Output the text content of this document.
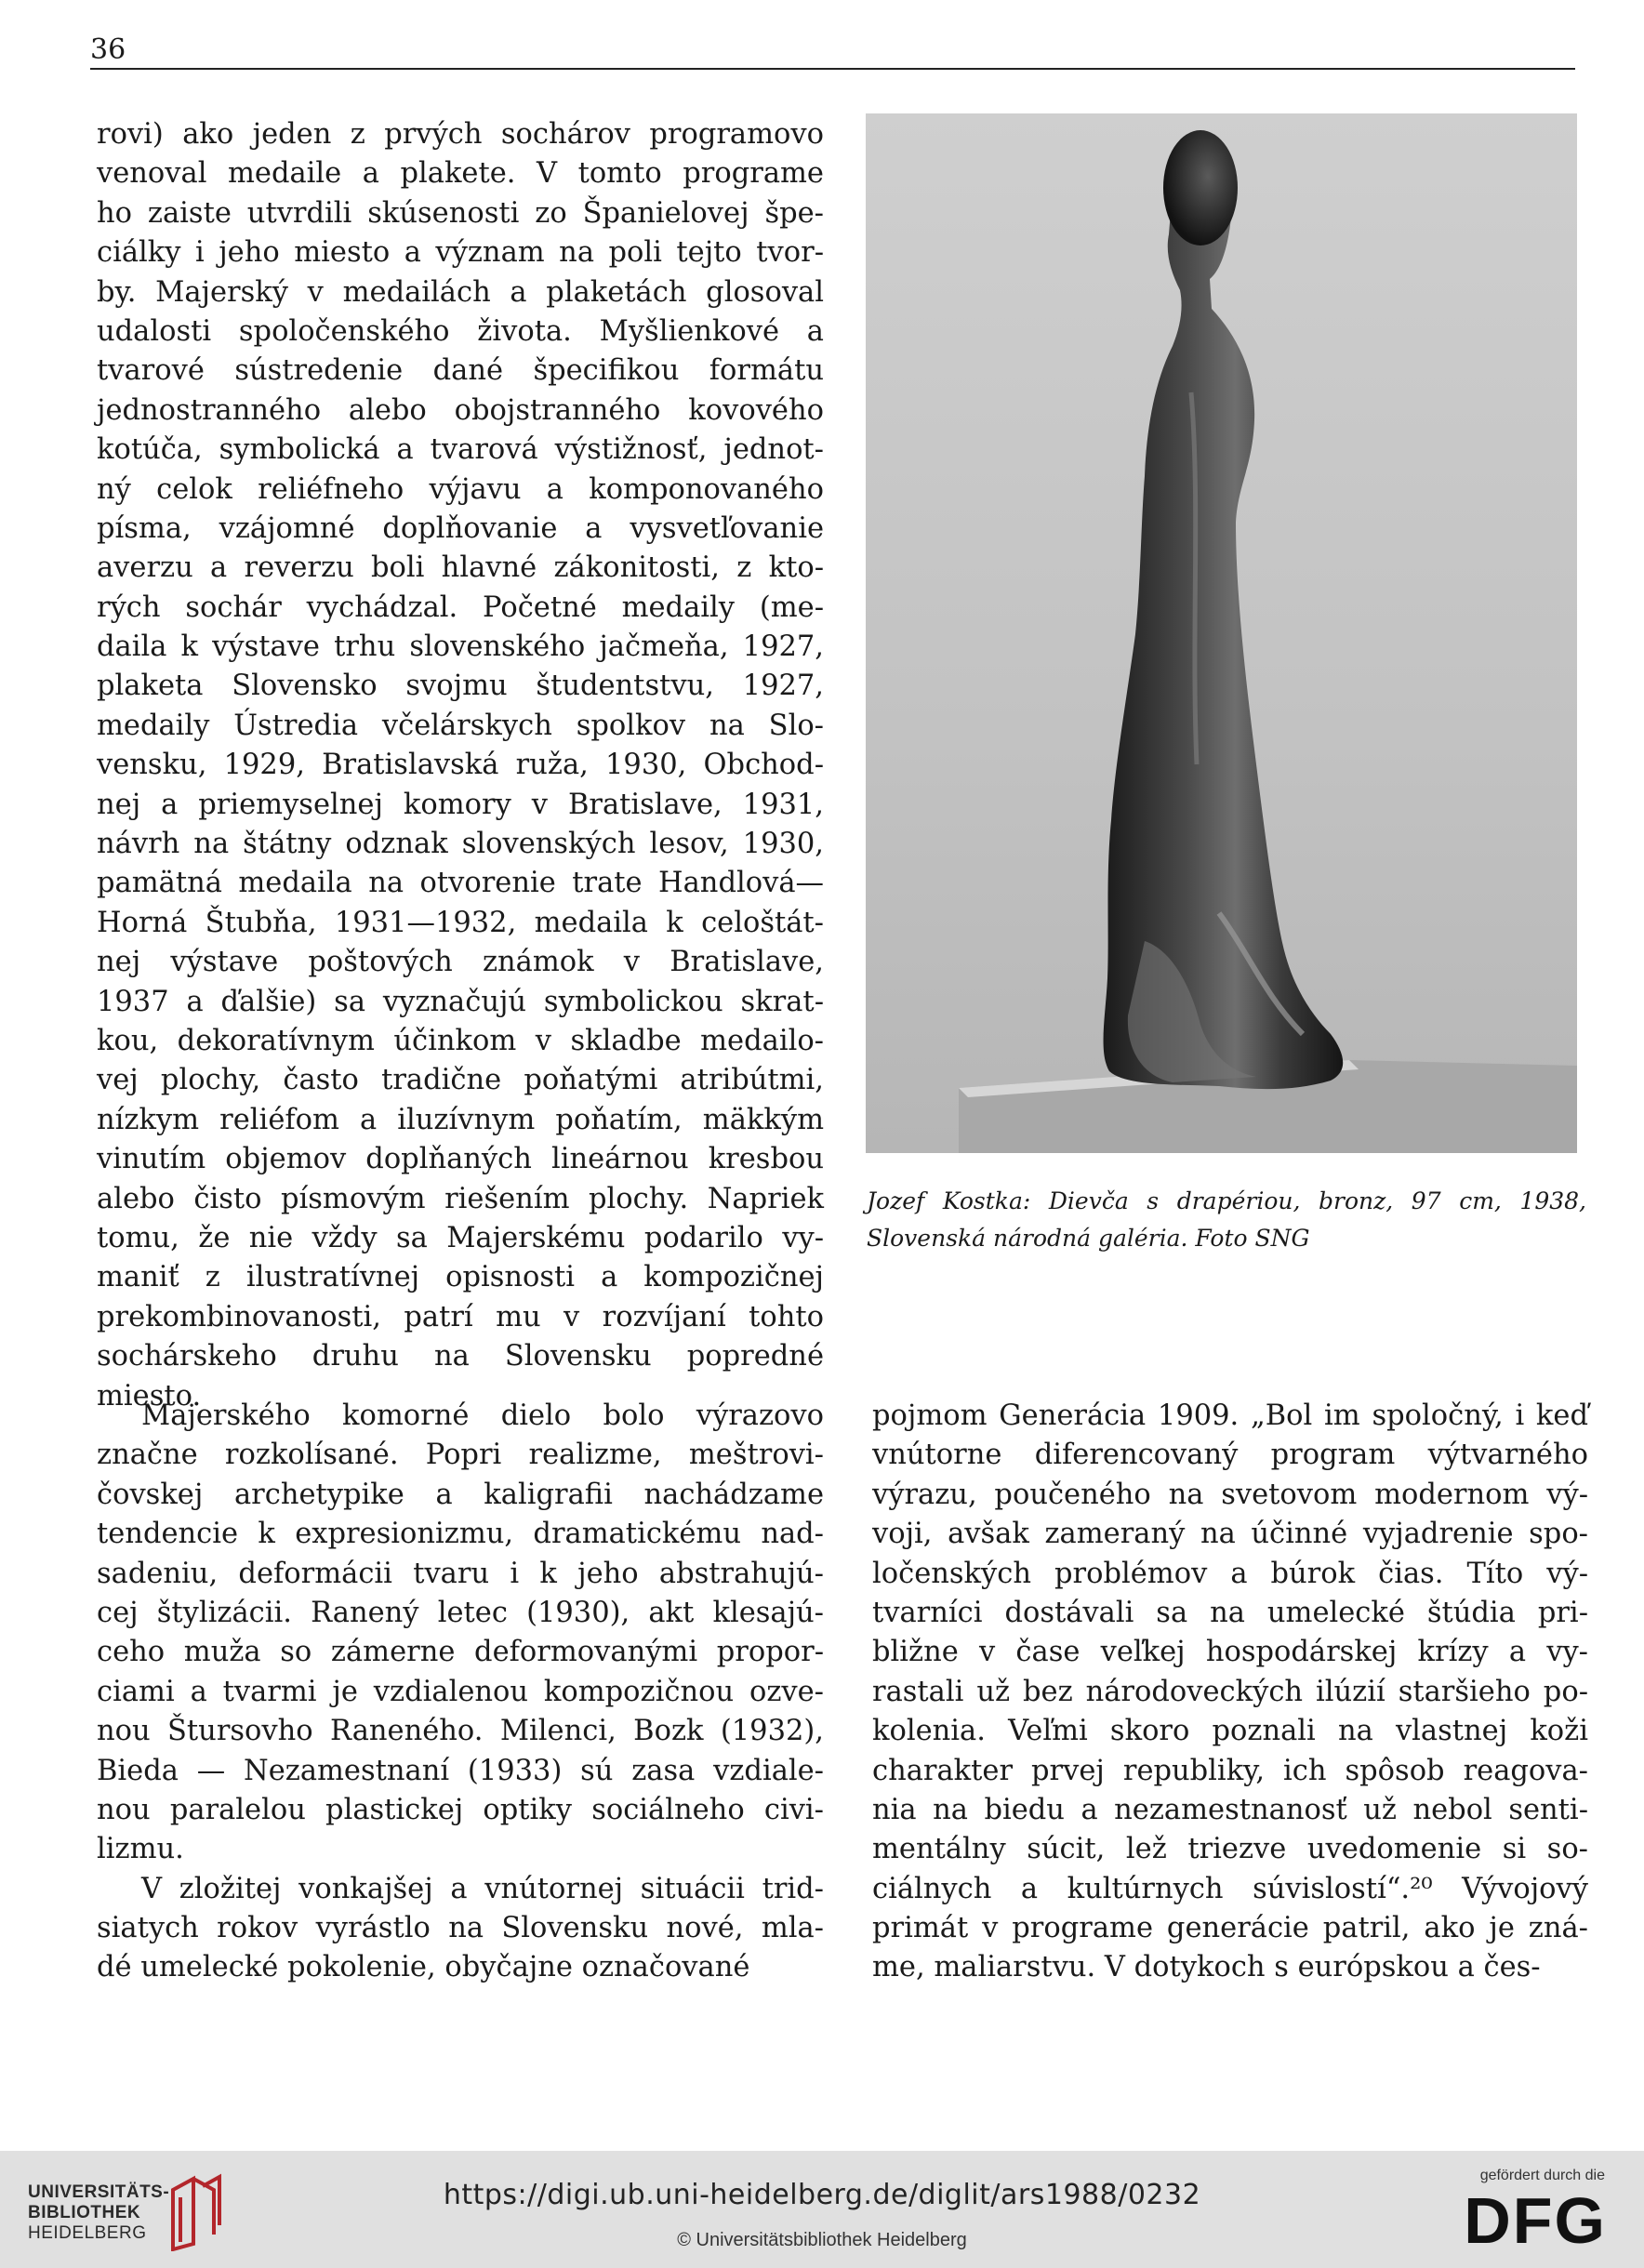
36
rovi) ako jeden z prvých sochárov programovo
venoval medaile a plakete. V tomto programe
ho zaiste utvrdili skúsenosti zo Španielovej špe-
ciálky i jeho miesto a význam na poli tejto tvor-
by. Majerský v medailách a plaketách glosoval
udalosti spoločenského života. Myšlienkové a
tvarové sústredenie dané špecifikou formátu
jednostranného alebo obojstranného kovového
kotúča, symbolická a tvarová výstižnosť, jednot-
ný celok reliéfneho výjavu a komponovaného
písma, vzájomné doplňovanie a vysvetľovanie
averzu a reverzu boli hlavné zákonitosti, z kto-
rých sochár vychádzal. Početné medaily (me-
daila k výstave trhu slovenského jačmeňa, 1927,
plaketa Slovensko svojmu študentstvu, 1927,
medaily Ústredia včelárskych spolkov na Slo-
vensku, 1929, Bratislavská ruža, 1930, Obchod-
nej a priemyselnej komory v Bratislave, 1931,
návrh na štátny odznak slovenských lesov, 1930,
pamätná medaila na otvorenie trate Handlová—
Horná Štubňa, 1931—1932, medaila k celoštát-
nej výstave poštových známok v Bratislave,
1937 a ďalšie) sa vyznačujú symbolickou skrat-
kou, dekoratívnym účinkom v skladbe medailo-
vej plochy, často tradične poňatými atribútmi,
nízkym reliéfom a iluzívnym poňatím, mäkkým
vinutím objemov doplňaných lineárnou kresbou
alebo čisto písmovým riešením plochy. Napriek
tomu, že nie vždy sa Majerskému podarilo vy-
maniť z ilustratívnej opisnosti a kompozičnej
prekombinovanosti, patrí mu v rozvíjaní tohto
sochárskeho druhu na Slovensku popredné
miesto.
Jozef Kostka: Dievča s drapériou, bronz, 97 cm, 1938,
Slovenská národná galéria. Foto SNG
Majerského komorné dielo bolo výrazovo
značne rozkolísané. Popri realizme, meštrovi-
čovskej archetypike a kaligrafii nachádzame
tendencie k expresionizmu, dramatickému nad-
sadeniu, deformácii tvaru i k jeho abstrahujú-
cej štylizácii. Ranený letec (1930), akt klesajú-
ceho muža so zámerne deformovanými propor-
ciami a tvarmi je vzdialenou kompozičnou ozve-
nou Štursovho Raneného. Milenci, Bozk (1932),
Bieda — Nezamestnaní (1933) sú zasa vzdiale-
nou paralelou plastickej optiky sociálneho civi-
lizmu.
V zložitej vonkajšej a vnútornej situácii trid-
siatych rokov vyrástlo na Slovensku nové, mla-
dé umelecké pokolenie, obyčajne označované
pojmom Generácia 1909. „Bol im spoločný, i keď
vnútorne diferencovaný program výtvarného
výrazu, poučeného na svetovom modernom vý-
voji, avšak zameraný na účinné vyjadrenie spo-
ločenských problémov a búrok čias. Títo vý-
tvarníci dostávali sa na umelecké štúdia pri-
bližne v čase veľkej hospodárskej krízy a vy-
rastali už bez národoveckých ilúzií staršieho po-
kolenia. Veľmi skoro poznali na vlastnej koži
charakter prvej republiky, ich spôsob reagova-
nia na biedu a nezamestnanosť už nebol senti-
mentálny súcit, lež triezve uvedomenie si so-
ciálnych a kultúrnych súvislostí“.²⁰ Vývojový
primát v programe generácie patril, ako je zná-
me, maliarstvu. V dotykoch s európskou a čes-
UNIVERSITÄTS-
BIBLIOTHEK
HEIDELBERG
https://digi.ub.uni-heidelberg.de/diglit/ars1988/0232
© Universitätsbibliothek Heidelberg
gefördert durch die
DFG
